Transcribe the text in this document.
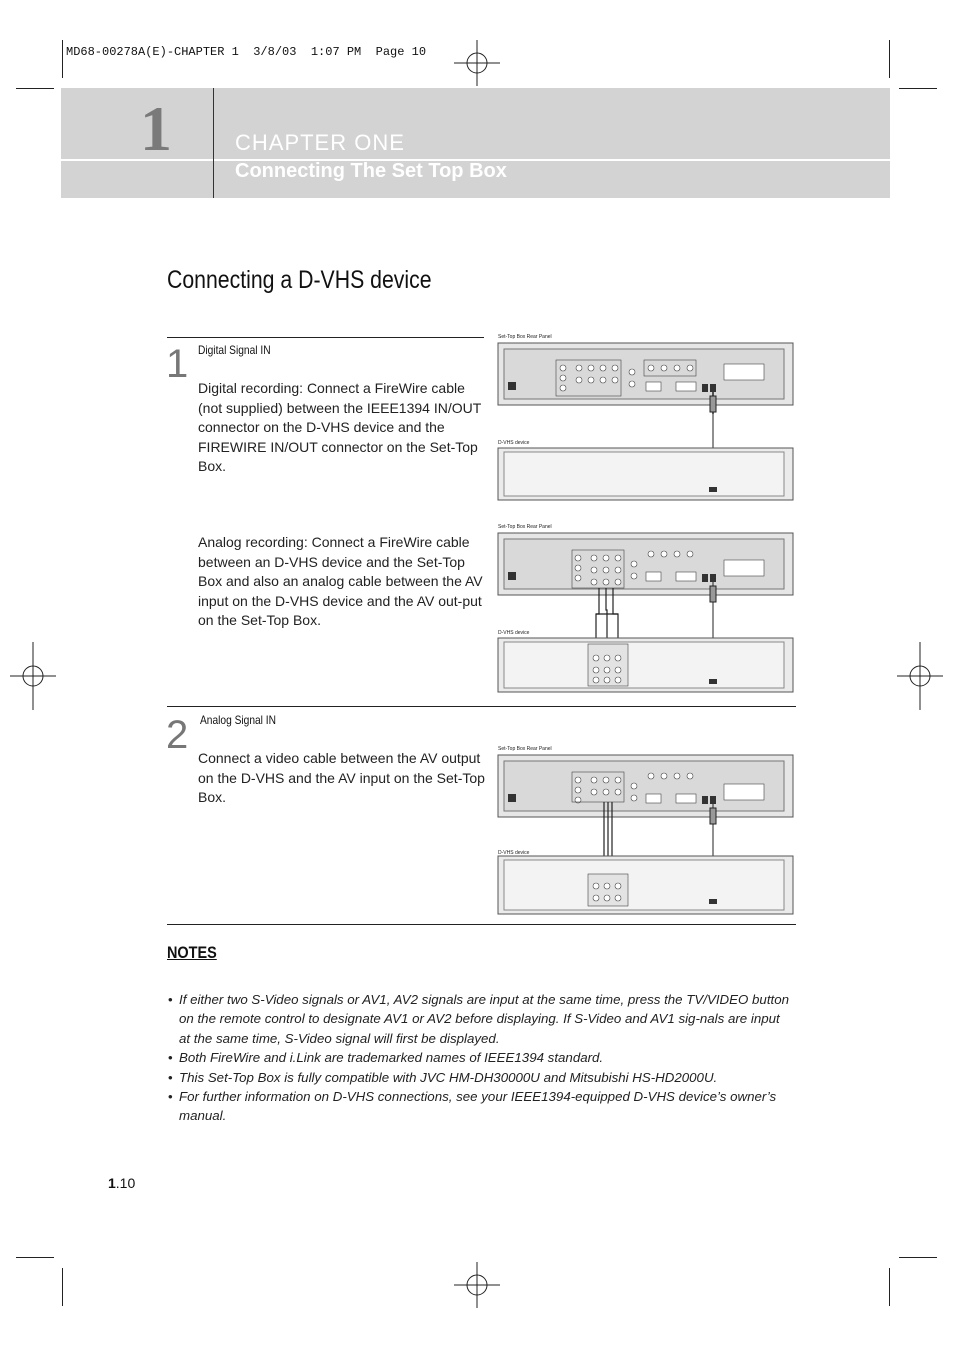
MD68-00278A(E)-CHAPTER 1  3/8/03  1:07 PM  Page 10
1	CHAPTER ONE
Connecting The Set Top Box
Connecting a D-VHS device
1 Digital Signal IN
Digital recording: Connect a FireWire cable (not supplied) between the IEEE1394 IN/OUT connector on the D-VHS device and the FIREWIRE IN/OUT connector on the Set-Top Box.
Analog recording: Connect a FireWire cable between an D-VHS device and the Set-Top Box and also an analog cable between the AV input on the D-VHS device and the AV out-put on the Set-Top Box.
2 Analog Signal IN
Connect a video cable between the AV output on the D-VHS and the AV input on the Set-Top Box.
Set-Top Box Rear Panel
D-VHS device
Set-Top Box Rear Panel
D-VHS device
Set-Top Box Rear Panel
D-VHS device
NOTES
• If either two S-Video signals or AV1, AV2 signals are input at the same time, press the TV/VIDEO button on the remote control to designate AV1 or AV2 before displaying. If S-Video and AV1 sig-nals are input at the same time, S-Video signal will first be displayed.
• Both FireWire and i.Link are trademarked names of IEEE1394 standard.
• This Set-Top Box is fully compatible with JVC HM-DH30000U and Mitsubishi HS-HD2000U.
• For further information on D-VHS connections, see your IEEE1394-equipped D-VHS device’s owner’s manual.
1.10
